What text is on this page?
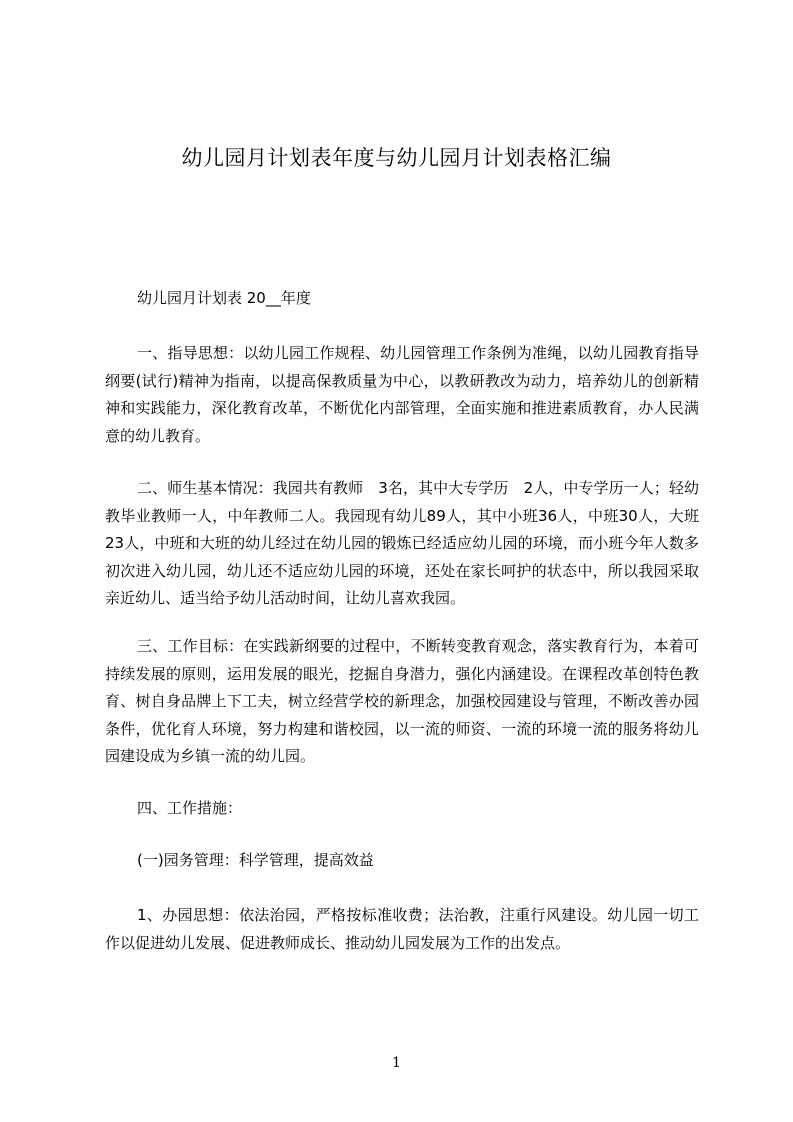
幼儿园月计划表年度与幼儿园月计划表格汇编

幼儿园月计划表 20__年度

一、指导思想：以幼儿园工作规程、幼儿园管理工作条例为准绳，以幼儿园教育指导纲要(试行)精神为指南，以提高保教质量为中心，以教研教改为动力，培养幼儿的创新精神和实践能力，深化教育改革，不断优化内部管理，全面实施和推进素质教育，办人民满意的幼儿教育。

二、师生基本情况：我园共有教师　3名，其中大专学历　2人，中专学历一人；轻幼教毕业教师一人，中年教师二人。我园现有幼儿89人，其中小班36人，中班30人，大班23人，中班和大班的幼儿经过在幼儿园的锻炼已经适应幼儿园的环境，而小班今年人数多初次进入幼儿园，幼儿还不适应幼儿园的环境，还处在家长呵护的状态中，所以我园采取亲近幼儿、适当给予幼儿活动时间，让幼儿喜欢我园。

三、工作目标：在实践新纲要的过程中，不断转变教育观念，落实教育行为，本着可持续发展的原则，运用发展的眼光，挖掘自身潜力，强化内涵建设。在课程改革创特色教育、树自身品牌上下工夫，树立经营学校的新理念，加强校园建设与管理，不断改善办园条件，优化育人环境，努力构建和谐校园，以一流的师资、一流的环境一流的服务将幼儿园建设成为乡镇一流的幼儿园。

四、工作措施：

(一)园务管理：科学管理，提高效益

1、办园思想：依法治园，严格按标准收费；法治教，注重行风建设。幼儿园一切工作以促进幼儿发展、促进教师成长、推动幼儿园发展为工作的出发点。

1
